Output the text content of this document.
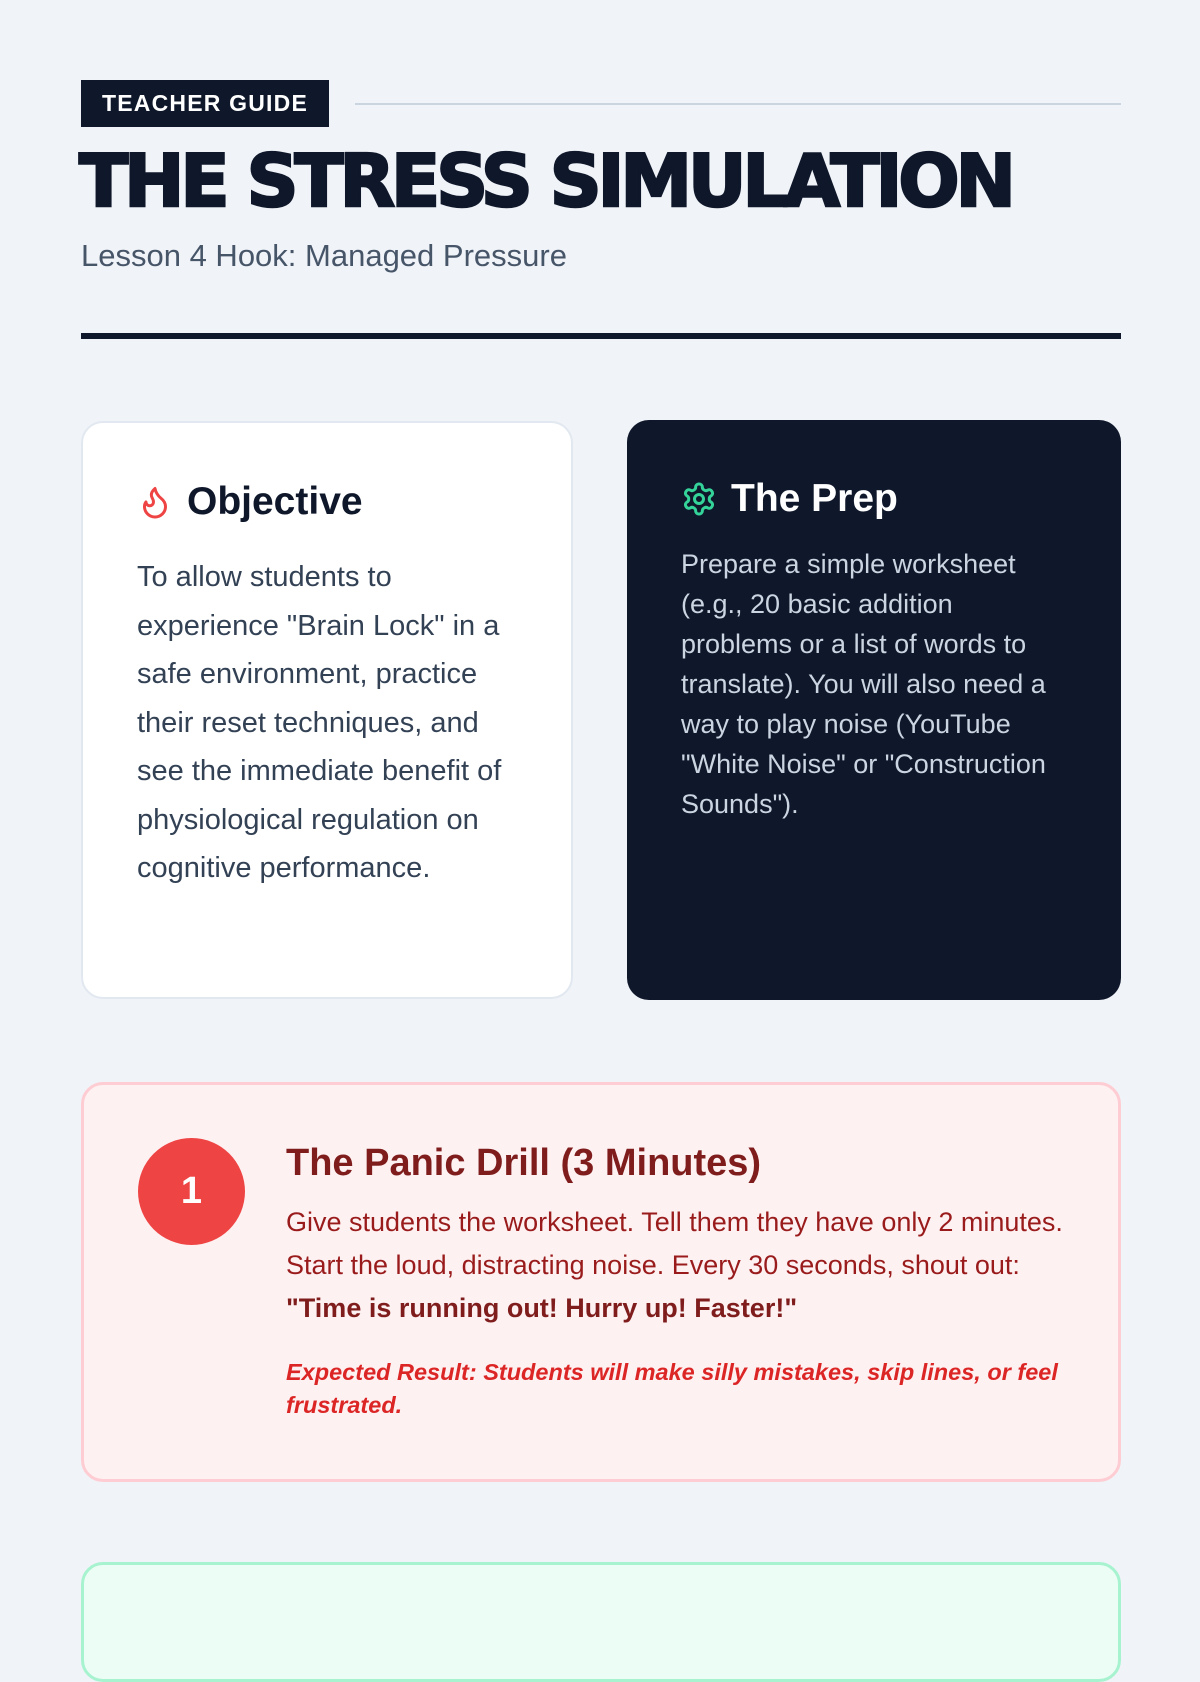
TEACHER GUIDE
THE STRESS SIMULATION

Lesson 4 Hook: Managed Pressure

Objective

To allow students to experience "Brain Lock" in a safe environment, practice their reset techniques, and see the immediate benefit of physiological regulation on cognitive performance.

The Prep

Prepare a simple worksheet (e.g., 20 basic addition problems or a list of words to translate). You will also need a way to play noise (YouTube "White Noise" or "Construction Sounds").

1
The Panic Drill (3 Minutes)

Give students the worksheet. Tell them they have only 2 minutes. Start the loud, distracting noise. Every 30 seconds, shout out: "Time is running out! Hurry up! Faster!"

Expected Result: Students will make silly mistakes, skip lines, or feel frustrated.
